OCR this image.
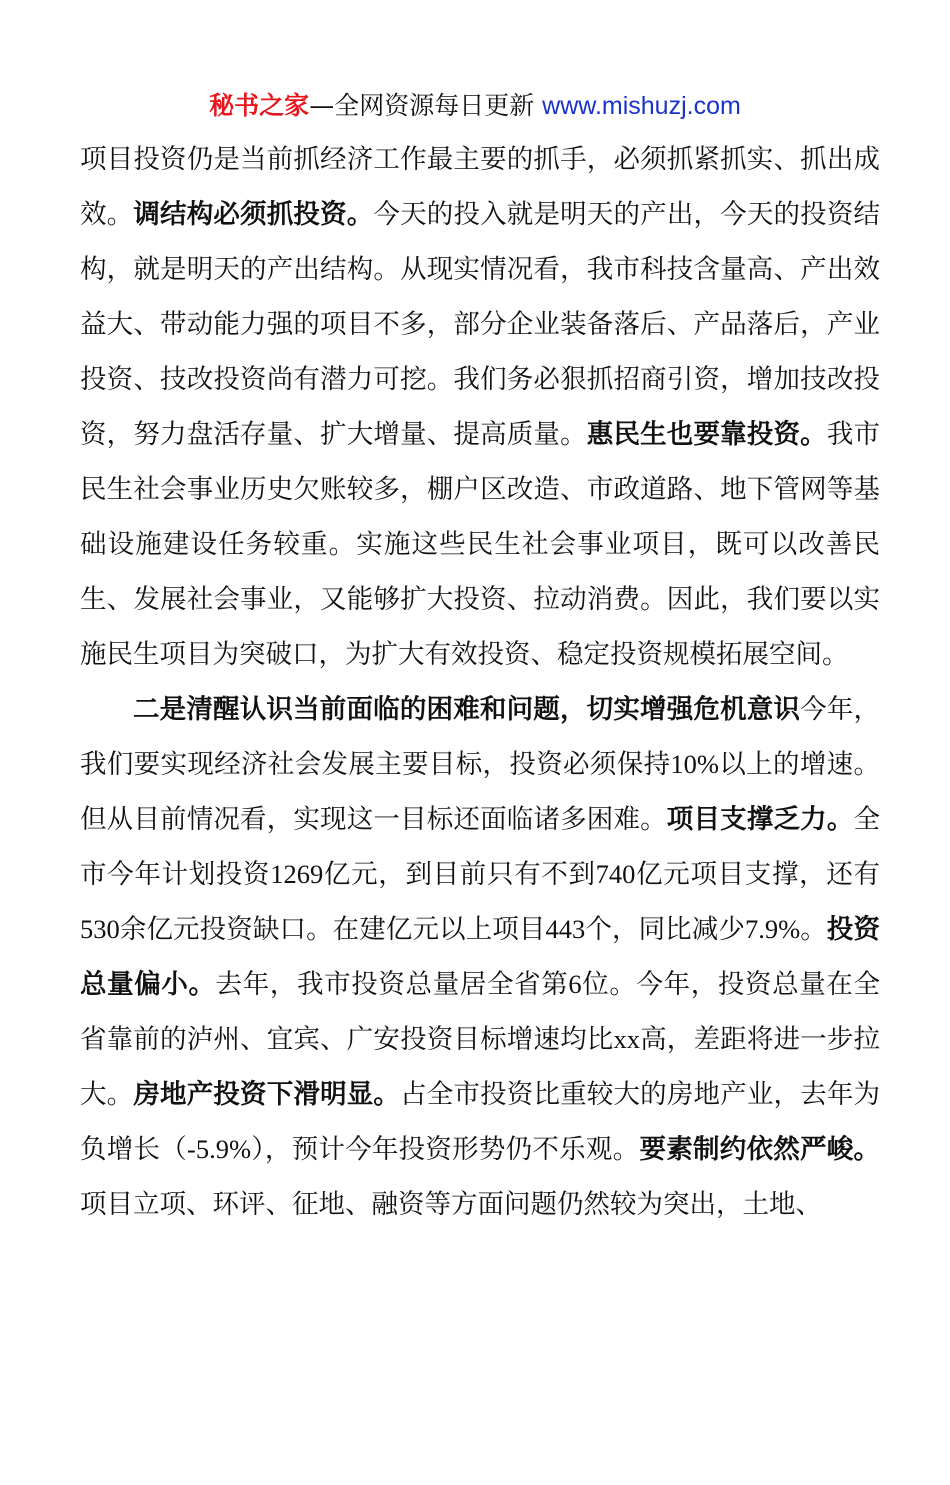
秘书之家—全网资源每日更新 www.mishuzj.com

项目投资仍是当前抓经济工作最主要的抓手，必须抓紧抓实、抓出成效。调结构必须抓投资。今天的投入就是明天的产出，今天的投资结构，就是明天的产出结构。从现实情况看，我市科技含量高、产出效益大、带动能力强的项目不多，部分企业装备落后、产品落后，产业投资、技改投资尚有潜力可挖。我们务必狠抓招商引资，增加技改投资，努力盘活存量、扩大增量、提高质量。惠民生也要靠投资。我市民生社会事业历史欠账较多，棚户区改造、市政道路、地下管网等基础设施建设任务较重。实施这些民生社会事业项目，既可以改善民生、发展社会事业，又能够扩大投资、拉动消费。因此，我们要以实施民生项目为突破口，为扩大有效投资、稳定投资规模拓展空间。

二是清醒认识当前面临的困难和问题，切实增强危机意识今年，我们要实现经济社会发展主要目标，投资必须保持10%以上的增速。但从目前情况看，实现这一目标还面临诸多困难。项目支撑乏力。全市今年计划投资1269亿元，到目前只有不到740亿元项目支撑，还有530余亿元投资缺口。在建亿元以上项目443个，同比减少7.9%。投资总量偏小。去年，我市投资总量居全省第6位。今年，投资总量在全省靠前的泸州、宜宾、广安投资目标增速均比xx高，差距将进一步拉大。房地产投资下滑明显。占全市投资比重较大的房地产业，去年为负增长（-5.9%），预计今年投资形势仍不乐观。要素制约依然严峻。项目立项、环评、征地、融资等方面问题仍然较为突出，土地、
